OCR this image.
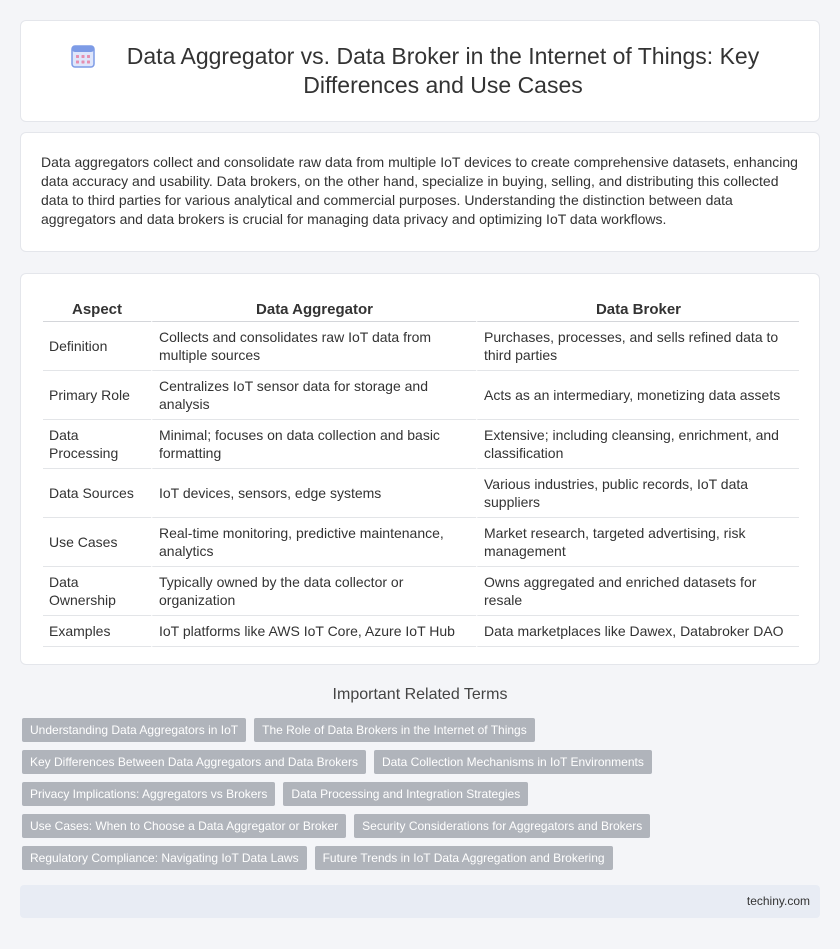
Data Aggregator vs. Data Broker in the Internet of Things: Key Differences and Use Cases

Data aggregators collect and consolidate raw data from multiple IoT devices to create comprehensive datasets, enhancing data accuracy and usability. Data brokers, on the other hand, specialize in buying, selling, and distributing this collected data to third parties for various analytical and commercial purposes. Understanding the distinction between data aggregators and data brokers is crucial for managing data privacy and optimizing IoT data workflows.

Aspect	Data Aggregator	Data Broker
Definition	Collects and consolidates raw IoT data from multiple sources	Purchases, processes, and sells refined data to third parties
Primary Role	Centralizes IoT sensor data for storage and analysis	Acts as an intermediary, monetizing data assets
Data Processing	Minimal; focuses on data collection and basic formatting	Extensive; including cleansing, enrichment, and classification
Data Sources	IoT devices, sensors, edge systems	Various industries, public records, IoT data suppliers
Use Cases	Real-time monitoring, predictive maintenance, analytics	Market research, targeted advertising, risk management
Data Ownership	Typically owned by the data collector or organization	Owns aggregated and enriched datasets for resale
Examples	IoT platforms like AWS IoT Core, Azure IoT Hub	Data marketplaces like Dawex, Databroker DAO
Important Related Terms
Understanding Data Aggregators in IoT	The Role of Data Brokers in the Internet of Things
Key Differences Between Data Aggregators and Data Brokers	Data Collection Mechanisms in IoT Environments
Privacy Implications: Aggregators vs Brokers	Data Processing and Integration Strategies
Use Cases: When to Choose a Data Aggregator or Broker	Security Considerations for Aggregators and Brokers
Regulatory Compliance: Navigating IoT Data Laws	Future Trends in IoT Data Aggregation and Brokering
techiny.com
